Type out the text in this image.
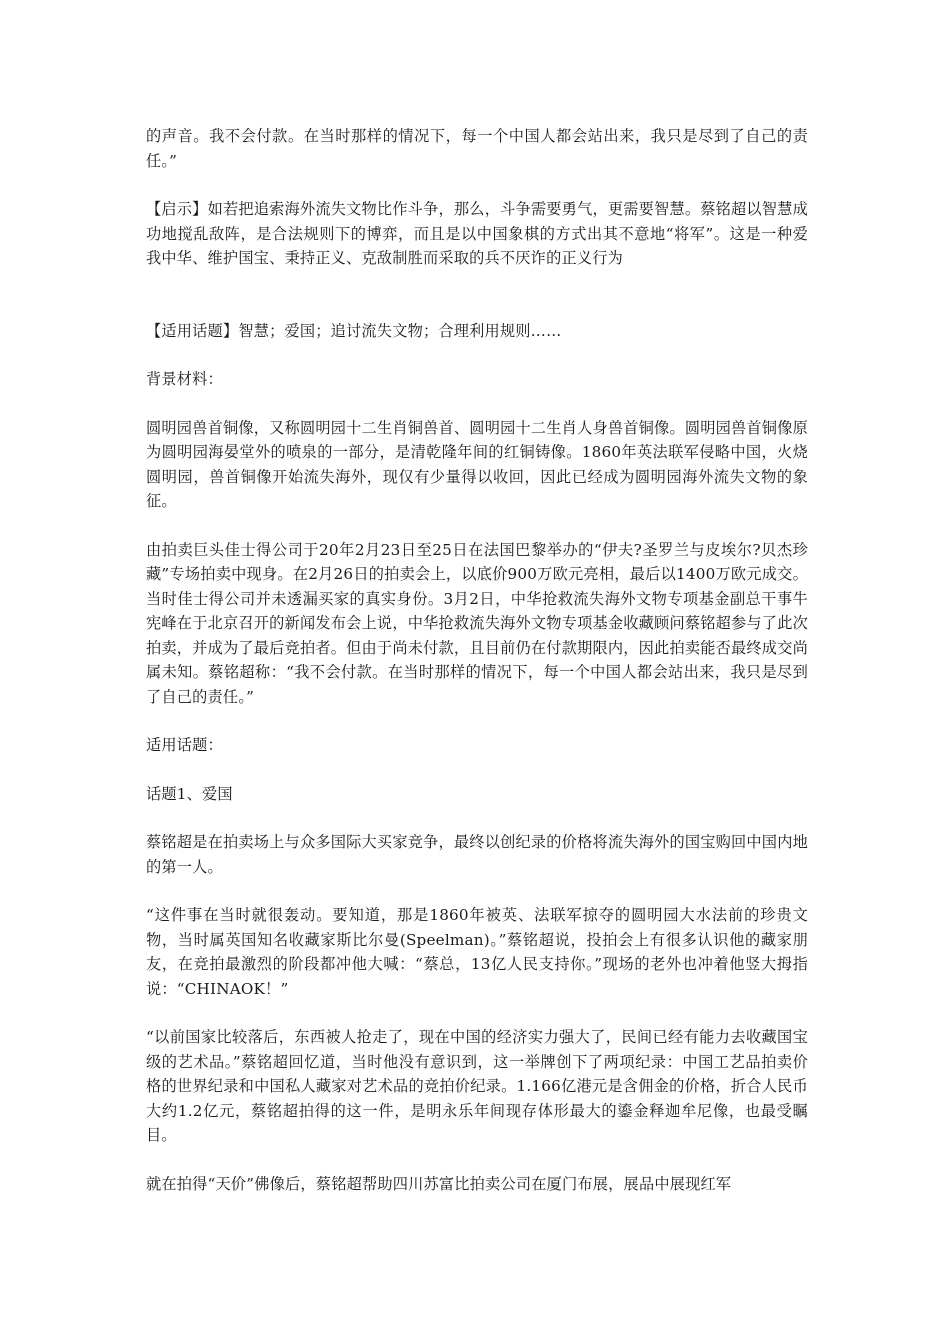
的声音。我不会付款。在当时那样的情况下，每一个中国人都会站出来，我只是尽到了自己的责任。”

【启示】如若把追索海外流失文物比作斗争，那么，斗争需要勇气，更需要智慧。蔡铭超以智慧成功地搅乱敌阵，是合法规则下的博弈，而且是以中国象棋的方式出其不意地“将军”。这是一种爱我中华、维护国宝、秉持正义、克敌制胜而采取的兵不厌诈的正义行为

【适用话题】智慧；爱国；追讨流失文物；合理利用规则……

背景材料：

圆明园兽首铜像，又称圆明园十二生肖铜兽首、圆明园十二生肖人身兽首铜像。圆明园兽首铜像原为圆明园海晏堂外的喷泉的一部分，是清乾隆年间的红铜铸像。1860年英法联军侵略中国，火烧圆明园，兽首铜像开始流失海外，现仅有少量得以收回，因此已经成为圆明园海外流失文物的象征。

由拍卖巨头佳士得公司于20年2月23日至25日在法国巴黎举办的“伊夫?圣罗兰与皮埃尔?贝杰珍藏”专场拍卖中现身。在2月26日的拍卖会上，以底价900万欧元亮相，最后以1400万欧元成交。当时佳士得公司并未透漏买家的真实身份。3月2日，中华抢救流失海外文物专项基金副总干事牛宪峰在于北京召开的新闻发布会上说，中华抢救流失海外文物专项基金收藏顾问蔡铭超参与了此次拍卖，并成为了最后竞拍者。但由于尚未付款，且目前仍在付款期限内，因此拍卖能否最终成交尚属未知。蔡铭超称：“我不会付款。在当时那样的情况下，每一个中国人都会站出来，我只是尽到了自己的责任。”

适用话题：

话题1、爱国

蔡铭超是在拍卖场上与众多国际大买家竞争，最终以创纪录的价格将流失海外的国宝购回中国内地的第一人。

“这件事在当时就很轰动。要知道，那是1860年被英、法联军掠夺的圆明园大水法前的珍贵文物，当时属英国知名收藏家斯比尔曼(Speelman)。”蔡铭超说，投拍会上有很多认识他的藏家朋友，在竞拍最激烈的阶段都冲他大喊：“蔡总，13亿人民支持你。”现场的老外也冲着他竖大拇指说：“CHINAOK！”

“以前国家比较落后，东西被人抢走了，现在中国的经济实力强大了，民间已经有能力去收藏国宝级的艺术品。”蔡铭超回忆道，当时他没有意识到，这一举牌创下了两项纪录：中国工艺品拍卖价格的世界纪录和中国私人藏家对艺术品的竞拍价纪录。1.166亿港元是含佣金的价格，折合人民币大约1.2亿元，蔡铭超拍得的这一件，是明永乐年间现存体形最大的鎏金释迦牟尼像，也最受瞩目。

就在拍得“天价”佛像后，蔡铭超帮助四川苏富比拍卖公司在厦门布展，展品中展现红军
